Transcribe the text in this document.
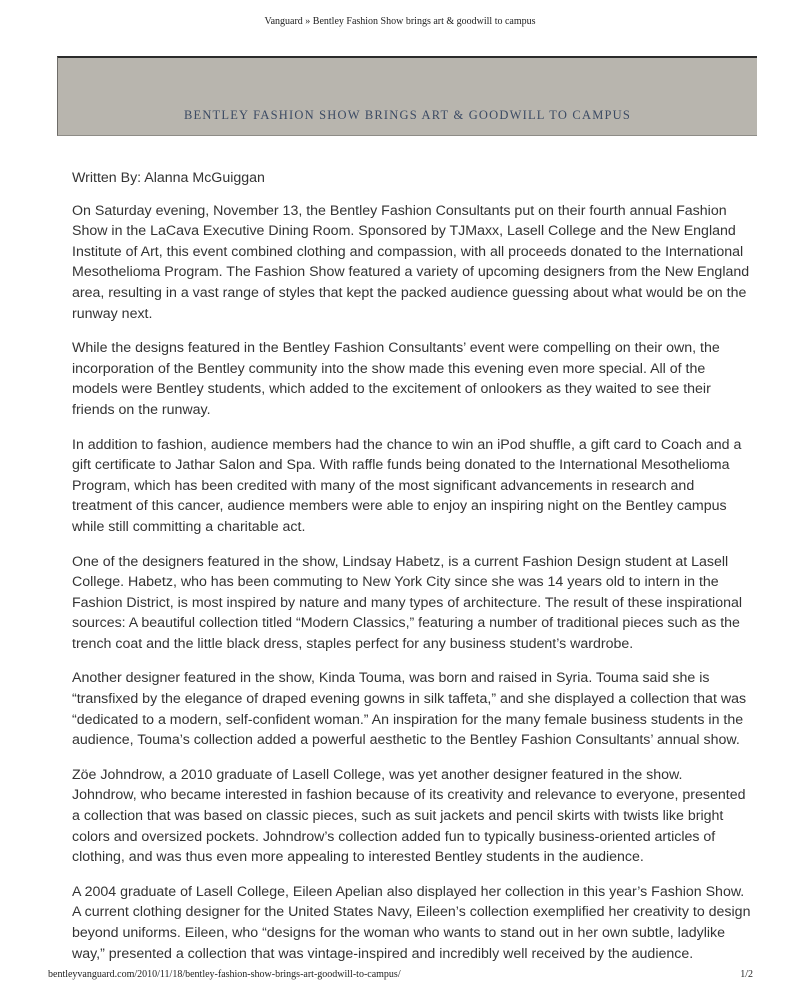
Vanguard » Bentley Fashion Show brings art & goodwill to campus
BENTLEY FASHION SHOW BRINGS ART & GOODWILL TO CAMPUS

Written By: Alanna McGuiggan

On Saturday evening, November 13, the Bentley Fashion Consultants put on their fourth annual Fashion
Show in the LaCava Executive Dining Room. Sponsored by TJMaxx, Lasell College and the New England
Institute of Art, this event combined clothing and compassion, with all proceeds donated to the International
Mesothelioma Program. The Fashion Show featured a variety of upcoming designers from the New England
area, resulting in a vast range of styles that kept the packed audience guessing about what would be on the
runway next.

While the designs featured in the Bentley Fashion Consultants’ event were compelling on their own, the
incorporation of the Bentley community into the show made this evening even more special. All of the
models were Bentley students, which added to the excitement of onlookers as they waited to see their
friends on the runway.

In addition to fashion, audience members had the chance to win an iPod shuffle, a gift card to Coach and a
gift certificate to Jathar Salon and Spa. With raffle funds being donated to the International Mesothelioma
Program, which has been credited with many of the most significant advancements in research and
treatment of this cancer, audience members were able to enjoy an inspiring night on the Bentley campus
while still committing a charitable act.

One of the designers featured in the show, Lindsay Habetz, is a current Fashion Design student at Lasell
College. Habetz, who has been commuting to New York City since she was 14 years old to intern in the
Fashion District, is most inspired by nature and many types of architecture. The result of these inspirational
sources: A beautiful collection titled “Modern Classics,” featuring a number of traditional pieces such as the
trench coat and the little black dress, staples perfect for any business student’s wardrobe.

Another designer featured in the show, Kinda Touma, was born and raised in Syria. Touma said she is
“transfixed by the elegance of draped evening gowns in silk taffeta,” and she displayed a collection that was
“dedicated to a modern, self-confident woman.” An inspiration for the many female business students in the
audience, Touma’s collection added a powerful aesthetic to the Bentley Fashion Consultants’ annual show.

Zöe Johndrow, a 2010 graduate of Lasell College, was yet another designer featured in the show.
Johndrow, who became interested in fashion because of its creativity and relevance to everyone, presented
a collection that was based on classic pieces, such as suit jackets and pencil skirts with twists like bright
colors and oversized pockets. Johndrow’s collection added fun to typically business-oriented articles of
clothing, and was thus even more appealing to interested Bentley students in the audience.

A 2004 graduate of Lasell College, Eileen Apelian also displayed her collection in this year’s Fashion Show.
A current clothing designer for the United States Navy, Eileen’s collection exemplified her creativity to design
beyond uniforms. Eileen, who “designs for the woman who wants to stand out in her own subtle, ladylike
way,” presented a collection that was vintage-inspired and incredibly well received by the audience.

bentleyvanguard.com/2010/11/18/bentley-fashion-show-brings-art-goodwill-to-campus/	1/2
